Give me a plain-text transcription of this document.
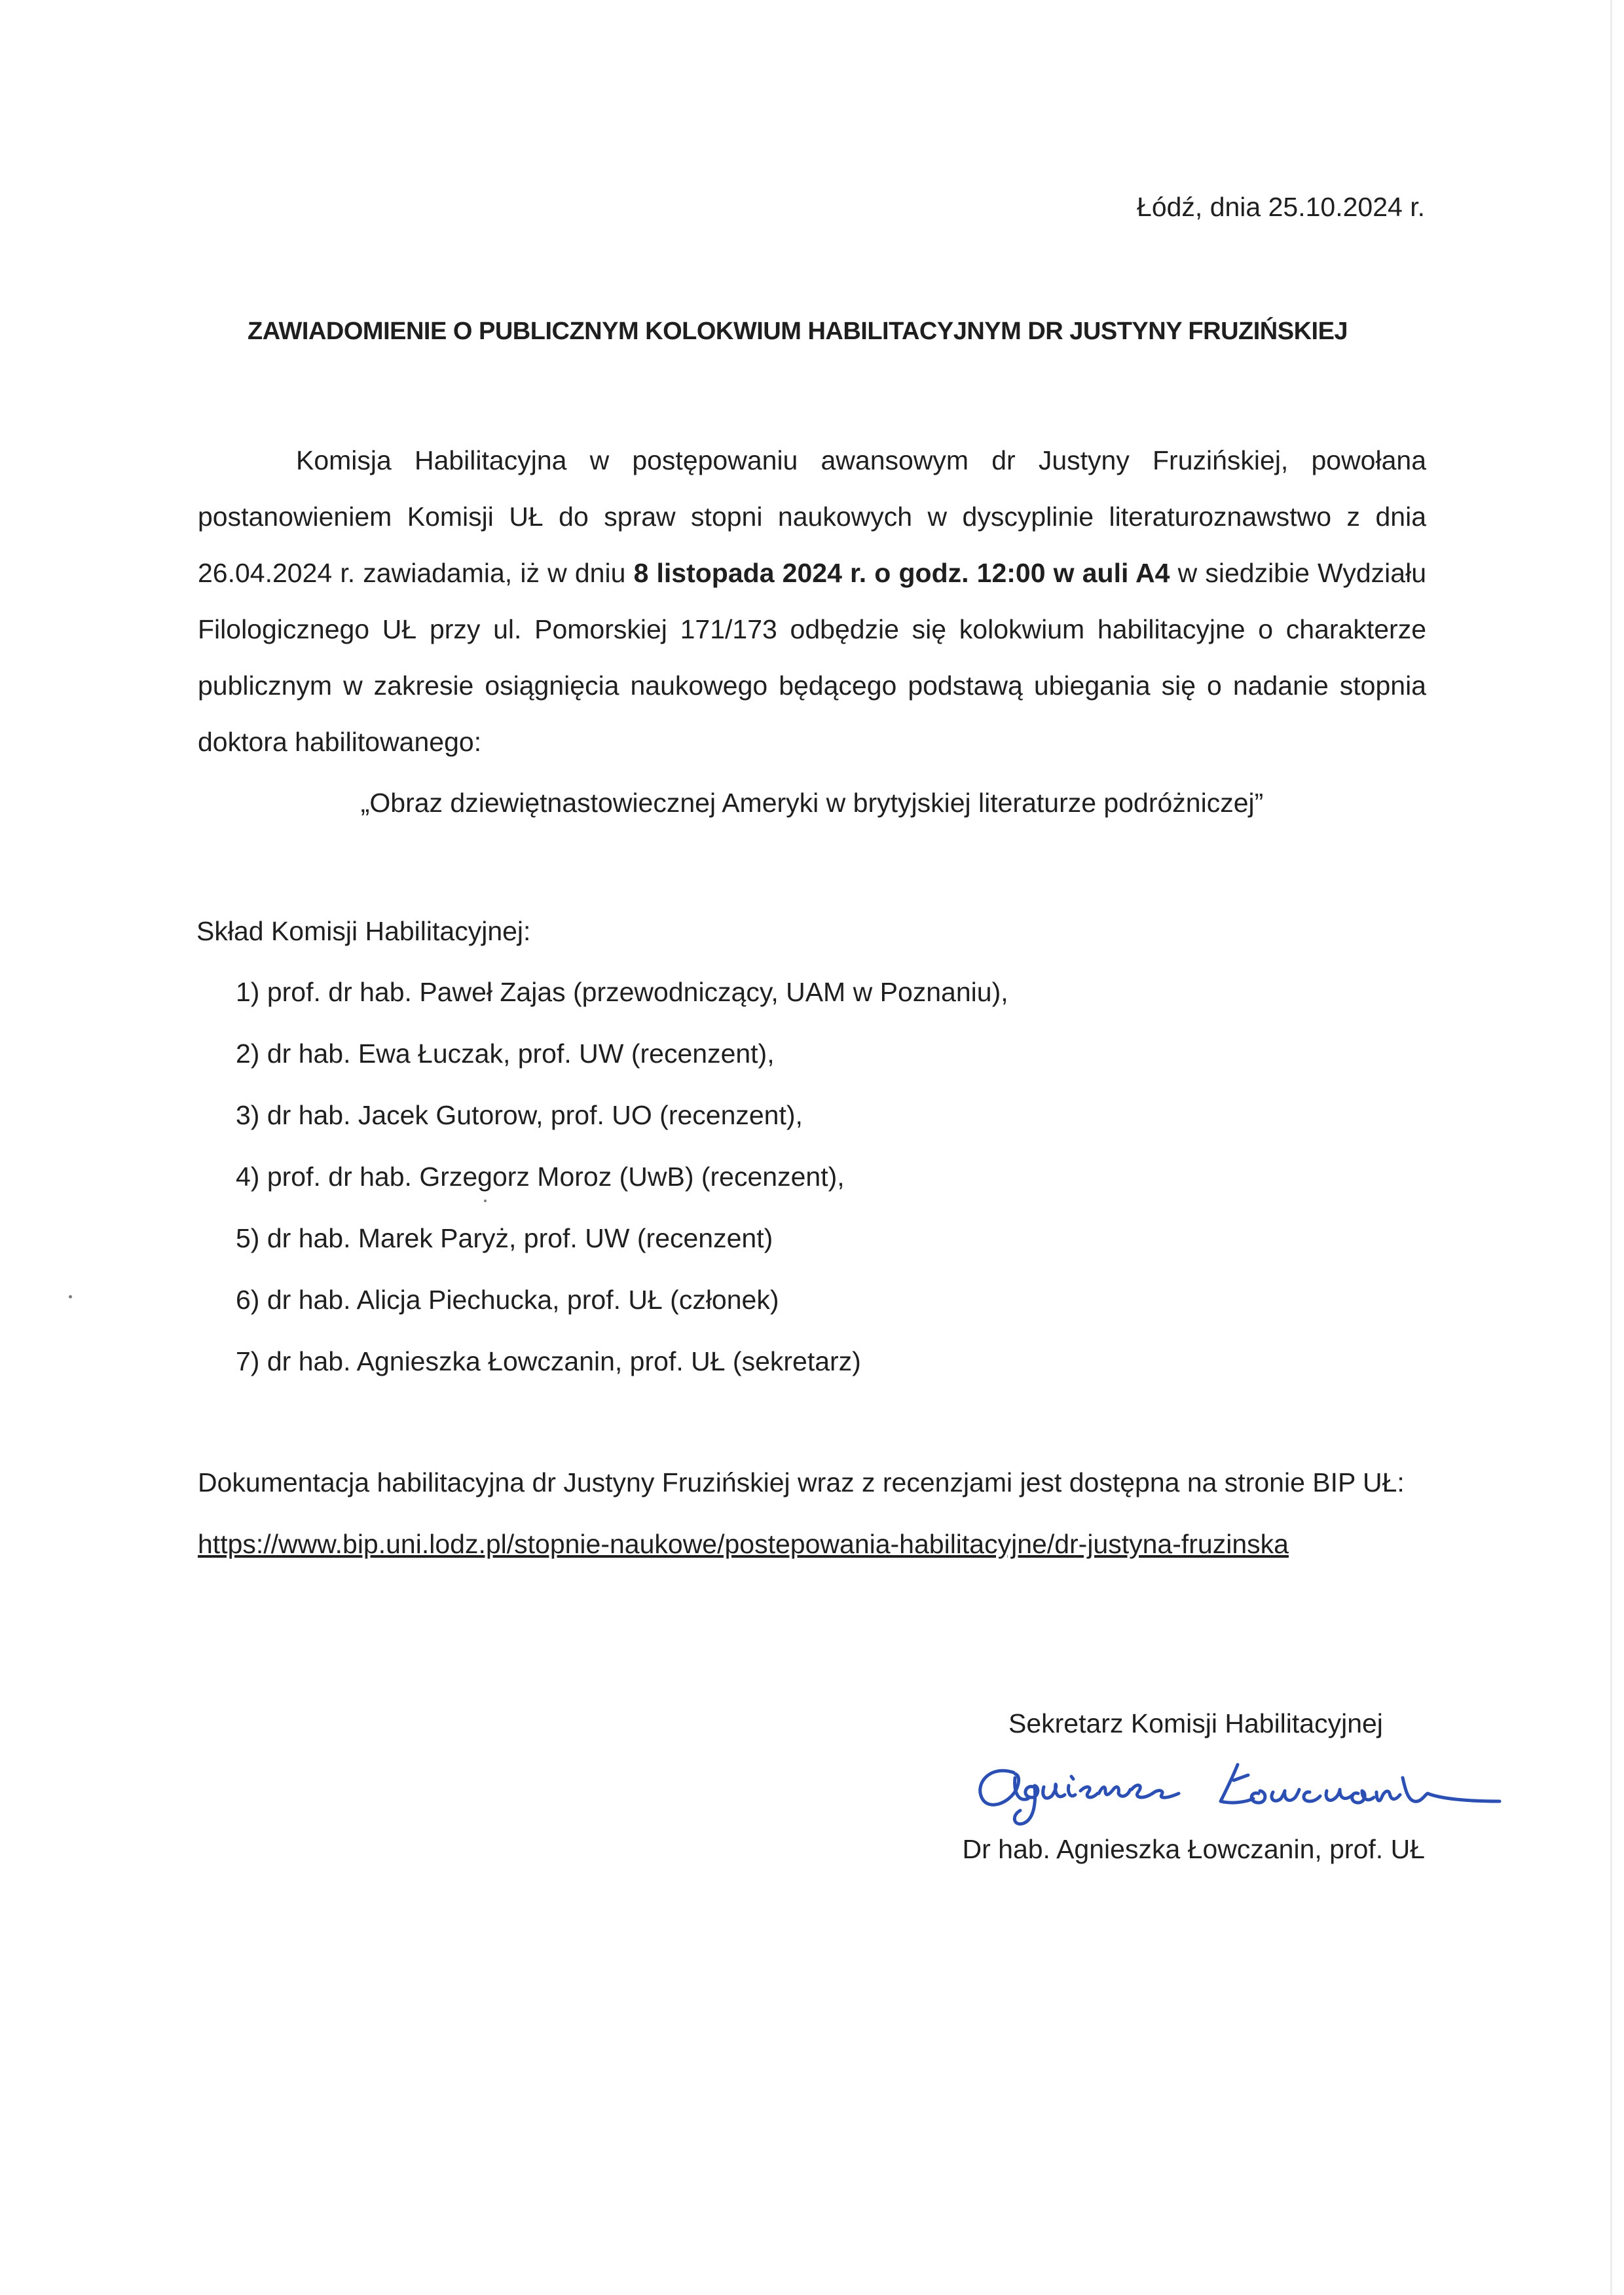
Łódź, dnia 25.10.2024 r.
ZAWIADOMIENIE O PUBLICZNYM KOLOKWIUM HABILITACYJNYM DR JUSTYNY FRUZIŃSKIEJ

Komisja Habilitacyjna w postępowaniu awansowym dr Justyny Fruzińskiej, powołana postanowieniem Komisji UŁ do spraw stopni naukowych w dyscyplinie literaturoznawstwo z dnia 26.04.2024 r. zawiadamia, iż w dniu 8 listopada 2024 r. o godz. 12:00 w auli A4 w siedzibie Wydziału Filologicznego UŁ przy ul. Pomorskiej 171/173 odbędzie się kolokwium habilitacyjne o charakterze publicznym w zakresie osiągnięcia naukowego będącego podstawą ubiegania się o nadanie stopnia doktora habilitowanego:

„Obraz dziewiętnastowiecznej Ameryki w brytyjskiej literaturze podróżniczej”
Skład Komisji Habilitacyjnej:
1) prof. dr hab. Paweł Zajas (przewodniczący, UAM w Poznaniu),
2) dr hab. Ewa Łuczak, prof. UW (recenzent),
3) dr hab. Jacek Gutorow, prof. UO (recenzent),
4) prof. dr hab. Grzegorz Moroz (UwB) (recenzent),
5) dr hab. Marek Paryż, prof. UW (recenzent)
6) dr hab. Alicja Piechucka, prof. UŁ (członek)
7) dr hab. Agnieszka Łowczanin, prof. UŁ (sekretarz)
Dokumentacja habilitacyjna dr Justyny Fruzińskiej wraz z recenzjami jest dostępna na stronie BIP UŁ:
https://www.bip.uni.lodz.pl/stopnie-naukowe/postepowania-habilitacyjne/dr-justyna-fruzinska
Sekretarz Komisji Habilitacyjnej
Dr hab. Agnieszka Łowczanin, prof. UŁ
